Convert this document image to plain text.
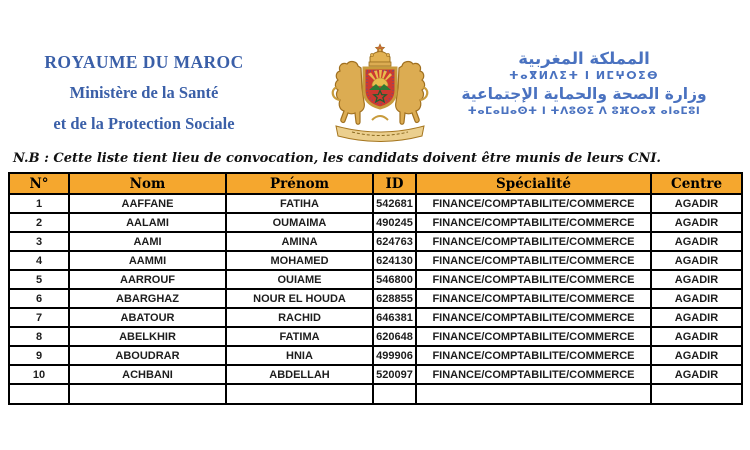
ROYAUME DU MAROC
Ministère de la Santé
et de la Protection Sociale
المملكة المغربية
ⵜⴰⴳⵍⴷⵉⵜ ⵏ ⵍⵎⵖⵔⵉⴱ
وزارة الصحة والحماية الإجتماعية
ⵜⴰⵎⴰⵡⴰⵙⵜ ⵏ ⵜⴷⵓⵙⵉ ⴷ ⵓⴼⵔⴰⴳ ⴰⵏⴰⵎⵓⵏ
N.B : Cette liste tient lieu de convocation, les candidats doivent être munis de leurs CNI.
N°	Nom	Prénom	ID	Spécialité	Centre
1	AAFFANE	FATIHA	542681	FINANCE/COMPTABILITE/COMMERCE	AGADIR
2	AALAMI	OUMAIMA	490245	FINANCE/COMPTABILITE/COMMERCE	AGADIR
3	AAMI	AMINA	624763	FINANCE/COMPTABILITE/COMMERCE	AGADIR
4	AAMMI	MOHAMED	624130	FINANCE/COMPTABILITE/COMMERCE	AGADIR
5	AARROUF	OUIAME	546800	FINANCE/COMPTABILITE/COMMERCE	AGADIR
6	ABARGHAZ	NOUR EL HOUDA	628855	FINANCE/COMPTABILITE/COMMERCE	AGADIR
7	ABATOUR	RACHID	646381	FINANCE/COMPTABILITE/COMMERCE	AGADIR
8	ABELKHIR	FATIMA	620648	FINANCE/COMPTABILITE/COMMERCE	AGADIR
9	ABOUDRAR	HNIA	499906	FINANCE/COMPTABILITE/COMMERCE	AGADIR
10	ACHBANI	ABDELLAH	520097	FINANCE/COMPTABILITE/COMMERCE	AGADIR
